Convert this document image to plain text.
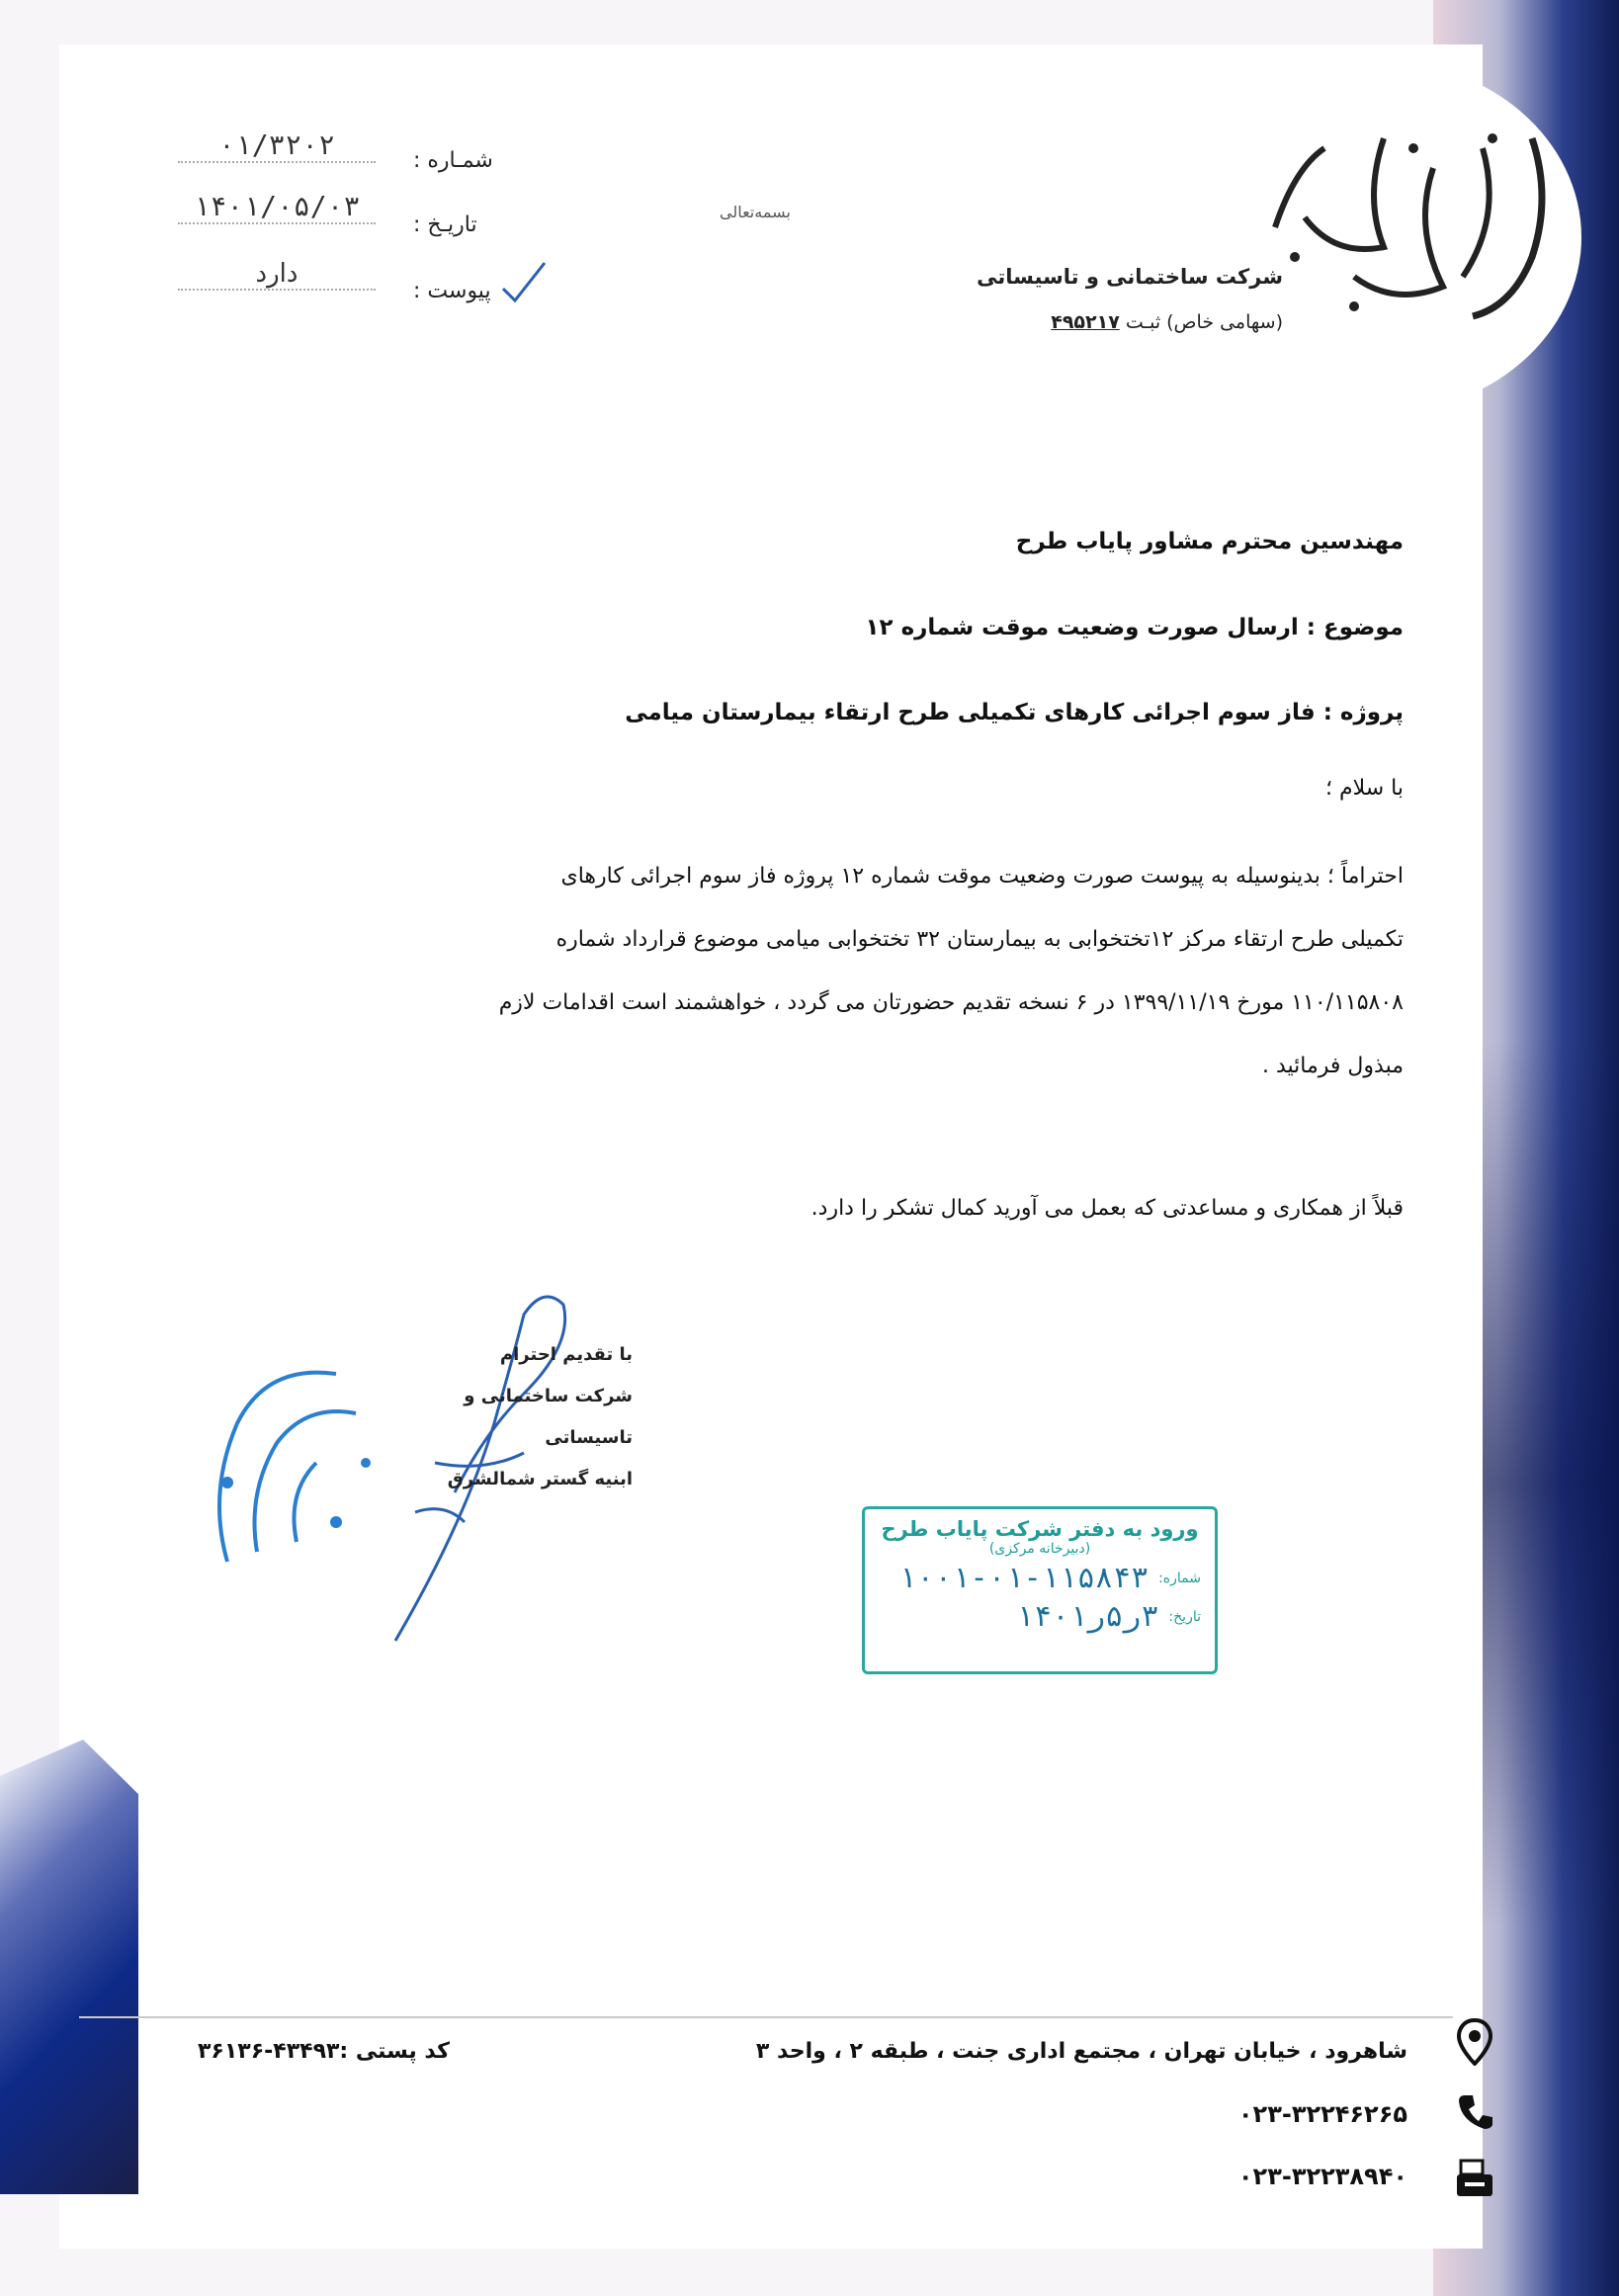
شرکت ساختمانی و تاسیساتی
(سهامی خاص) ثبـت ۴۹۵۲۱۷
بسمه‌تعالی
شمـاره :
۰۱/۳۲۰۲
تاریـخ :
۱۴۰۱/۰۵/۰۳
پیوست :
دارد
مهندسین محترم مشاور پایاب طرح
موضوع : ارسال صورت وضعیت موقت شماره ۱۲
پروژه : فاز سوم اجرائی کارهای تکمیلی طرح ارتقاء بیمارستان میامی
با سلام ؛
احتراماً ؛ بدینوسیله به پیوست صورت وضعیت موقت شماره ۱۲ پروژه فاز سوم اجرائی کارهای
تکمیلی طرح ارتقاء مرکز ۱۲تختخوابی به بیمارستان ۳۲ تختخوابی میامی موضوع قرارداد شماره
۱۱۰/۱۱۵۸۰۸ مورخ ۱۳۹۹/۱۱/۱۹ در ۶ نسخه تقدیم حضورتان می گردد ، خواهشمند است اقدامات لازم
مبذول فرمائید .
قبلاً از همکاری و مساعدتی که بعمل می آورید کمال تشکر را دارد.
با تقدیم احترام
شرکت ساختمانی و تاسیساتی
ابنیه گستر شمالشرق
ورود به دفتر شرکت پایاب طرح
(دبیرخانه مرکزی)
شماره:
۱۰۰۱-۰۱-۱۱۵۸۴۳
تاریخ:
۳ر۵ر۱۴۰۱
شاهرود ، خیابان تهران ، مجتمع اداری جنت ، طبقه ۲ ، واحد ۳
کد پستی :۴۳۴۹۳-۳۶۱۳۶
۰۲۳-۳۲۲۴۶۲۶۵
۰۲۳-۳۲۲۳۸۹۴۰
